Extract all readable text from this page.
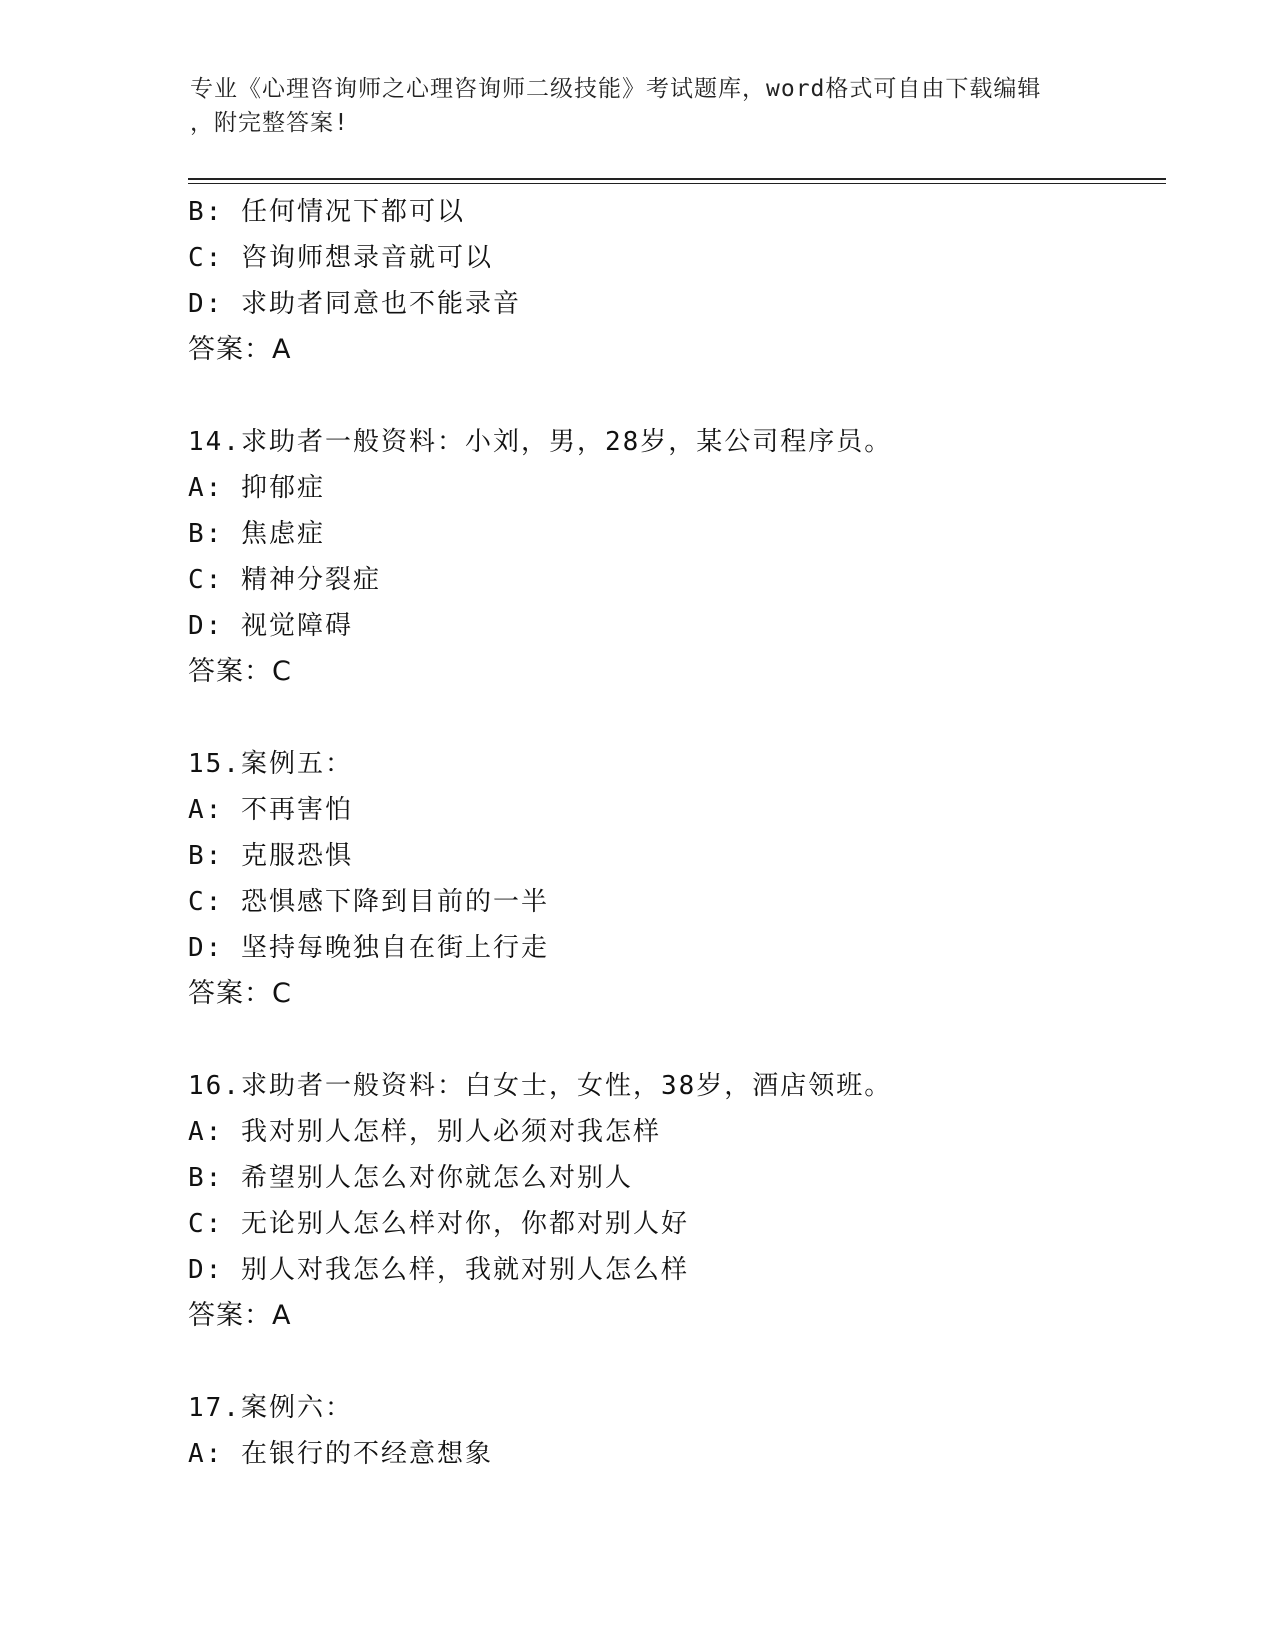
专业《心理咨询师之心理咨询师二级技能》考试题库，word格式可自由下载编辑
，附完整答案!
B: 任何情况下都可以
C: 咨询师想录音就可以
D: 求助者同意也不能录音
答案：A
14.求助者一般资料：小刘，男，28岁，某公司程序员。
A: 抑郁症
B: 焦虑症
C: 精神分裂症
D: 视觉障碍
答案：C
15.案例五：
A: 不再害怕
B: 克服恐惧
C: 恐惧感下降到目前的一半
D: 坚持每晚独自在街上行走
答案：C
16.求助者一般资料：白女士，女性，38岁，酒店领班。
A: 我对别人怎样，别人必须对我怎样
B: 希望别人怎么对你就怎么对别人
C: 无论别人怎么样对你，你都对别人好
D: 别人对我怎么样，我就对别人怎么样
答案：A
17.案例六：
A: 在银行的不经意想象
